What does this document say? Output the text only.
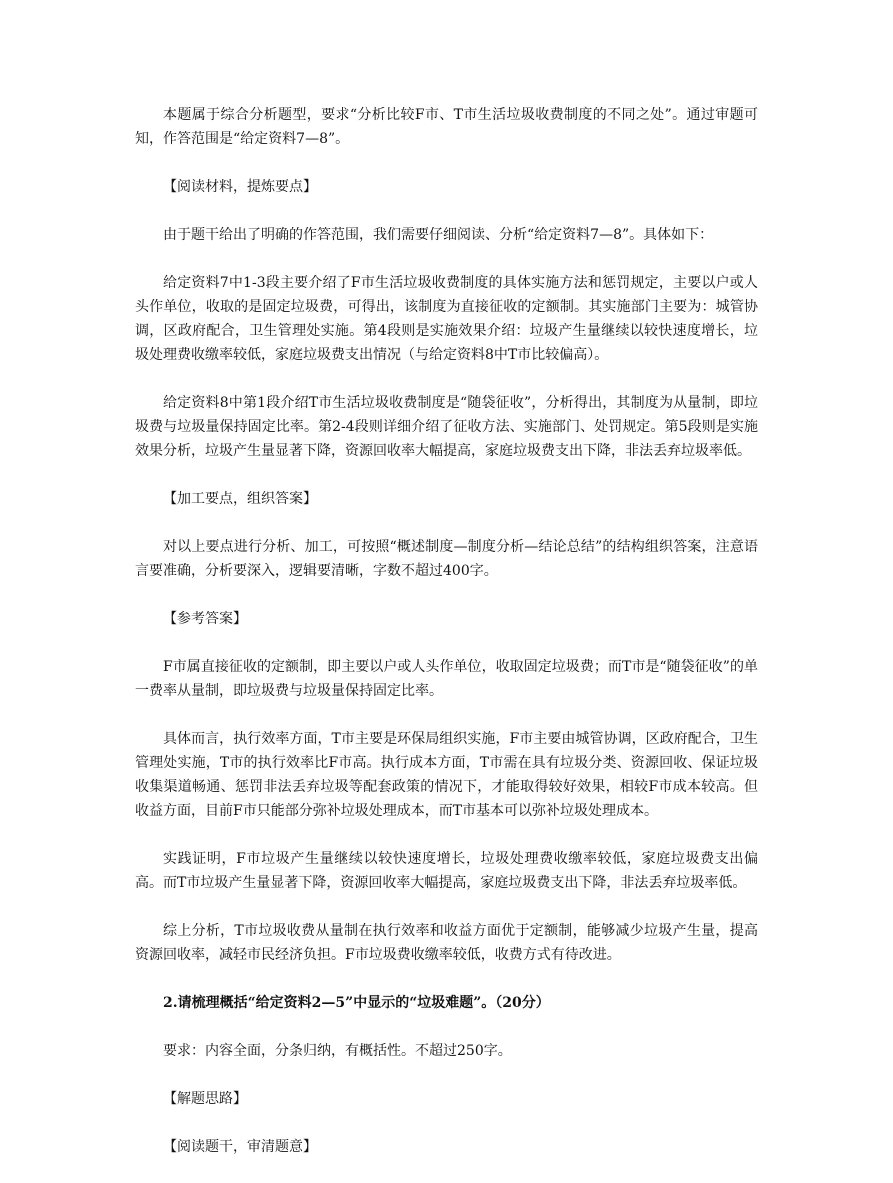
本题属于综合分析题型，要求“分析比较F市、T市生活垃圾收费制度的不同之处”。通过审题可知，作答范围是“给定资料7—8”。

【阅读材料，提炼要点】

由于题干给出了明确的作答范围，我们需要仔细阅读、分析“给定资料7—8”。具体如下：

给定资料7中1-3段主要介绍了F市生活垃圾收费制度的具体实施方法和惩罚规定，主要以户或人头作单位，收取的是固定垃圾费，可得出，该制度为直接征收的定额制。其实施部门主要为：城管协调，区政府配合，卫生管理处实施。第4段则是实施效果介绍：垃圾产生量继续以较快速度增长，垃圾处理费收缴率较低，家庭垃圾费支出情况（与给定资料8中T市比较偏高）。

给定资料8中第1段介绍T市生活垃圾收费制度是“随袋征收”，分析得出，其制度为从量制，即垃圾费与垃圾量保持固定比率。第2-4段则详细介绍了征收方法、实施部门、处罚规定。第5段则是实施效果分析，垃圾产生量显著下降，资源回收率大幅提高，家庭垃圾费支出下降，非法丢弃垃圾率低。

【加工要点，组织答案】

对以上要点进行分析、加工，可按照“概述制度—制度分析—结论总结”的结构组织答案，注意语言要准确，分析要深入，逻辑要清晰，字数不超过400字。

【参考答案】

F市属直接征收的定额制，即主要以户或人头作单位，收取固定垃圾费；而T市是“随袋征收”的单一费率从量制，即垃圾费与垃圾量保持固定比率。

具体而言，执行效率方面，T市主要是环保局组织实施，F市主要由城管协调，区政府配合，卫生管理处实施，T市的执行效率比F市高。执行成本方面，T市需在具有垃圾分类、资源回收、保证垃圾收集渠道畅通、惩罚非法丢弃垃圾等配套政策的情况下，才能取得较好效果，相较F市成本较高。但收益方面，目前F市只能部分弥补垃圾处理成本，而T市基本可以弥补垃圾处理成本。

实践证明，F市垃圾产生量继续以较快速度增长，垃圾处理费收缴率较低，家庭垃圾费支出偏高。而T市垃圾产生量显著下降，资源回收率大幅提高，家庭垃圾费支出下降，非法丢弃垃圾率低。

综上分析，T市垃圾收费从量制在执行效率和收益方面优于定额制，能够减少垃圾产生量，提高资源回收率，减轻市民经济负担。F市垃圾费收缴率较低，收费方式有待改进。

2.请梳理概括“给定资料2—5”中显示的“垃圾难题”。（20分）

要求：内容全面，分条归纳，有概括性。不超过250字。

【解题思路】

【阅读题干，审清题意】
